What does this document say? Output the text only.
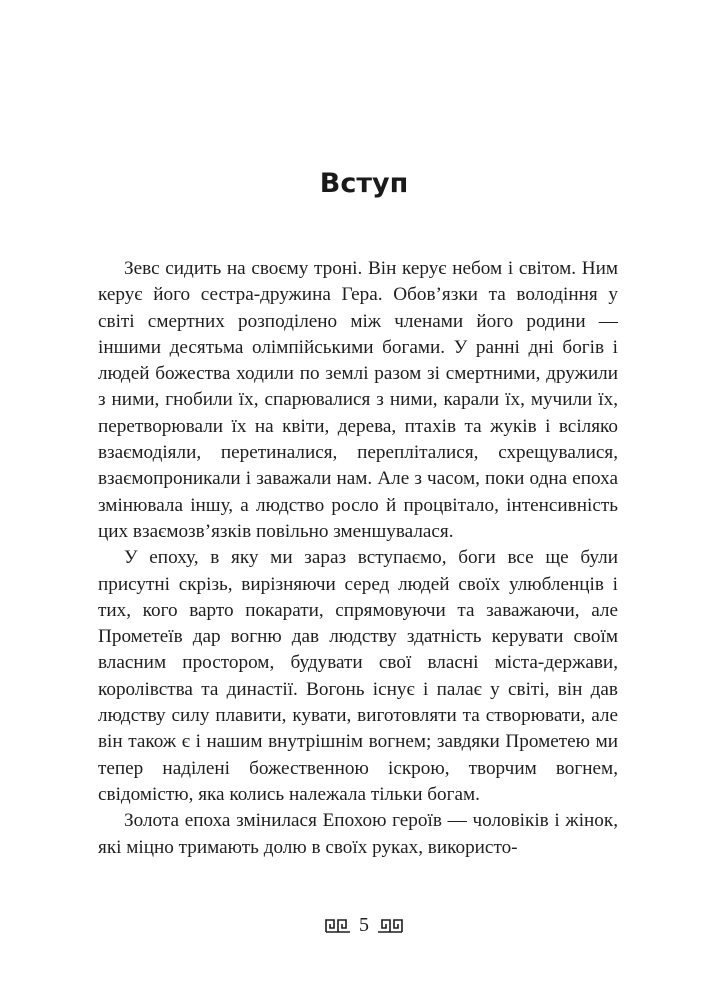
Вступ

Зевс сидить на своєму троні. Він керує небом і світом. Ним керує його сестра-дружина Гера. Обов’язки та володіння у світі смертних розподілено між членами його родини — іншими десятьма олімпійськими богами. У ранні дні богів і людей божества ходили по землі разом зі смертними, дружили з ними, гнобили їх, спарювалися з ними, карали їх, мучили їх, перетворювали їх на квіти, дерева, птахів та жуків і всіляко взаємодіяли, перетиналися, перепліталися, схрещувалися, взаємопроникали і заважали нам. Але з часом, поки одна епоха змінювала іншу, а людство росло й процвітало, інтенсивність цих взаємозв’язків повільно зменшувалася.

У епоху, в яку ми зараз вступаємо, боги все ще були присутні скрізь, вирізняючи серед людей своїх улюбленців і тих, кого варто покарати, спрямовуючи та заважаючи, але Прометеїв дар вогню дав людству здатність керувати своїм власним простором, будувати свої власні міста-держави, королівства та династії. Вогонь існує і палає у світі, він дав людству силу плавити, кувати, виготовляти та створювати, але він також є і нашим внутрішнім вогнем; завдяки Прометею ми тепер наділені божественною іскрою, творчим вогнем, свідомістю, яка колись належала тільки богам.

Золота епоха змінилася Епохою героїв — чоловіків і жінок, які міцно тримають долю в своїх руках, використо-

5
